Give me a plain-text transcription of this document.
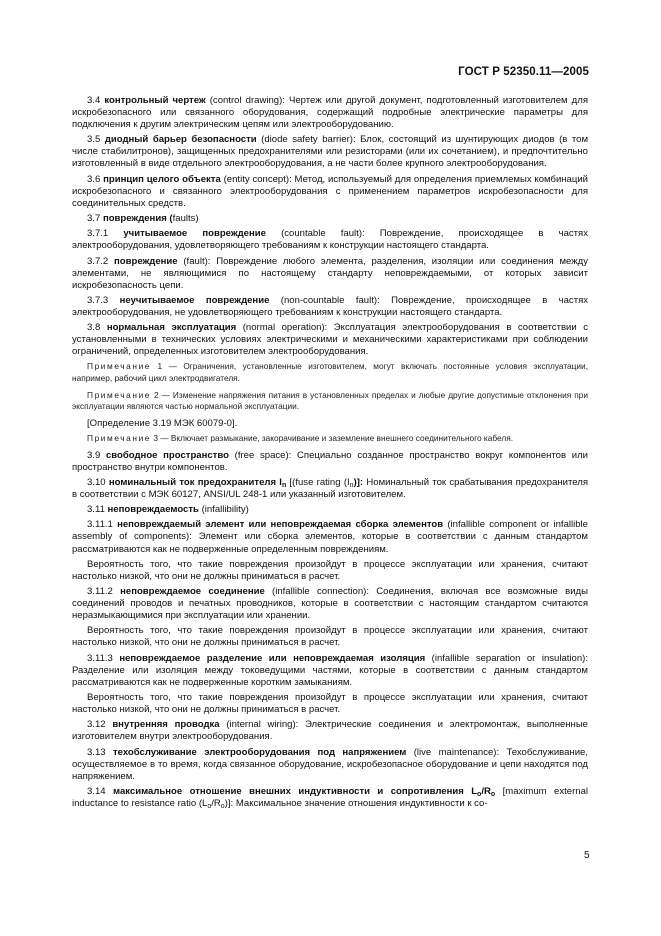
ГОСТ Р 52350.11—2005

3.4 контрольный чертеж (control drawing): Чертеж или другой документ, подготовленный изготовителем для искробезопасного или связанного оборудования, содержащий подробные электрические параметры для подключения к другим электрическим цепям или электрооборудованию.

3.5 диодный барьер безопасности (diode safety barrier): Блок, состоящий из шунтирующих диодов (в том числе стабилитронов), защищенных предохранителями или резисторами (или их сочетанием), и предпочтительно изготовленный в виде отдельного электрооборудования, а не части более крупного электрооборудования.

3.6 принцип целого объекта (entity concept): Метод, используемый для определения приемлемых комбинаций искробезопасного и связанного электрооборудования с применением параметров искробезопасности для соединительных средств.

3.7 повреждения (faults)

3.7.1 учитываемое повреждение (countable fault): Повреждение, происходящее в частях электрооборудования, удовлетворяющего требованиям к конструкции настоящего стандарта.

3.7.2 повреждение (fault): Повреждение любого элемента, разделения, изоляции или соединения между элементами, не являющимися по настоящему стандарту неповреждаемыми, от которых зависит искробезопасность цепи.

3.7.3 неучитываемое повреждение (non-countable fault): Повреждение, происходящее в частях электрооборудования, не удовлетворяющего требованиям к конструкции настоящего стандарта.

3.8 нормальная эксплуатация (normal operation): Эксплуатация электрооборудования в соответствии с установленными в технических условиях электрическими и механическими характеристиками при соблюдении ограничений, определенных изготовителем электрооборудования.

Примечание 1 — Ограничения, установленные изготовителем, могут включать постоянные условия эксплуатации, например, рабочий цикл электродвигателя.

Примечание 2 — Изменение напряжения питания в установленных пределах и любые другие допустимые отклонения при эксплуатации являются частью нормальной эксплуатации.

[Определение 3.19 МЭК 60079-0].

Примечание 3 — Включает размыкание, закорачивание и заземление внешнего соединительного кабеля.

3.9 свободное пространство (free space): Специально созданное пространство вокруг компонентов или пространство внутри компонентов.

3.10 номинальный ток предохранителя $I_n$ [(fuse rating $(I_n)$]: Номинальный ток срабатывания предохранителя в соответствии с МЭК 60127, ANSI/UL 248-1 или указанный изготовителем.

3.11 неповреждаемость (infallibility)

3.11.1 неповреждаемый элемент или неповреждаемая сборка элементов (infallible component or infallible assembly of components): Элемент или сборка элементов, которые в соответствии с данным стандартом рассматриваются как не подверженные определенным повреждениям.

Вероятность того, что такие повреждения произойдут в процессе эксплуатации или хранения, считают настолько низкой, что они не должны приниматься в расчет.

3.11.2 неповреждаемое соединение (infallible connection): Соединения, включая все возможные виды соединений проводов и печатных проводников, которые в соответствии с настоящим стандартом считаются неразмыкающимися при эксплуатации или хранении.

Вероятность того, что такие повреждения произойдут в процессе эксплуатации или хранения, считают настолько низкой, что они не должны приниматься в расчет.

3.11.3 неповреждаемое разделение или неповреждаемая изоляция (infallible separation or insulation): Разделение или изоляция между токоведущими частями, которые в соответствии с данным стандартом рассматриваются как не подверженные коротким замыканиям.

Вероятность того, что такие повреждения произойдут в процессе эксплуатации или хранения, считают настолько низкой, что они не должны приниматься в расчет.

3.12 внутренняя проводка (internal wiring): Электрические соединения и электромонтаж, выполненные изготовителем внутри электрооборудования.

3.13 техобслуживание электрооборудования под напряжением (live maintenance): Техобслуживание, осуществляемое в то время, когда связанное оборудование, искробезопасное оборудование и цепи находятся под напряжением.

3.14 максимальное отношение внешних индуктивности и сопротивления $L_o/R_o$ [maximum external inductance to resistance ratio $(L_o/R_o)$]: Максимальное значение отношения индуктивности к со-

5
